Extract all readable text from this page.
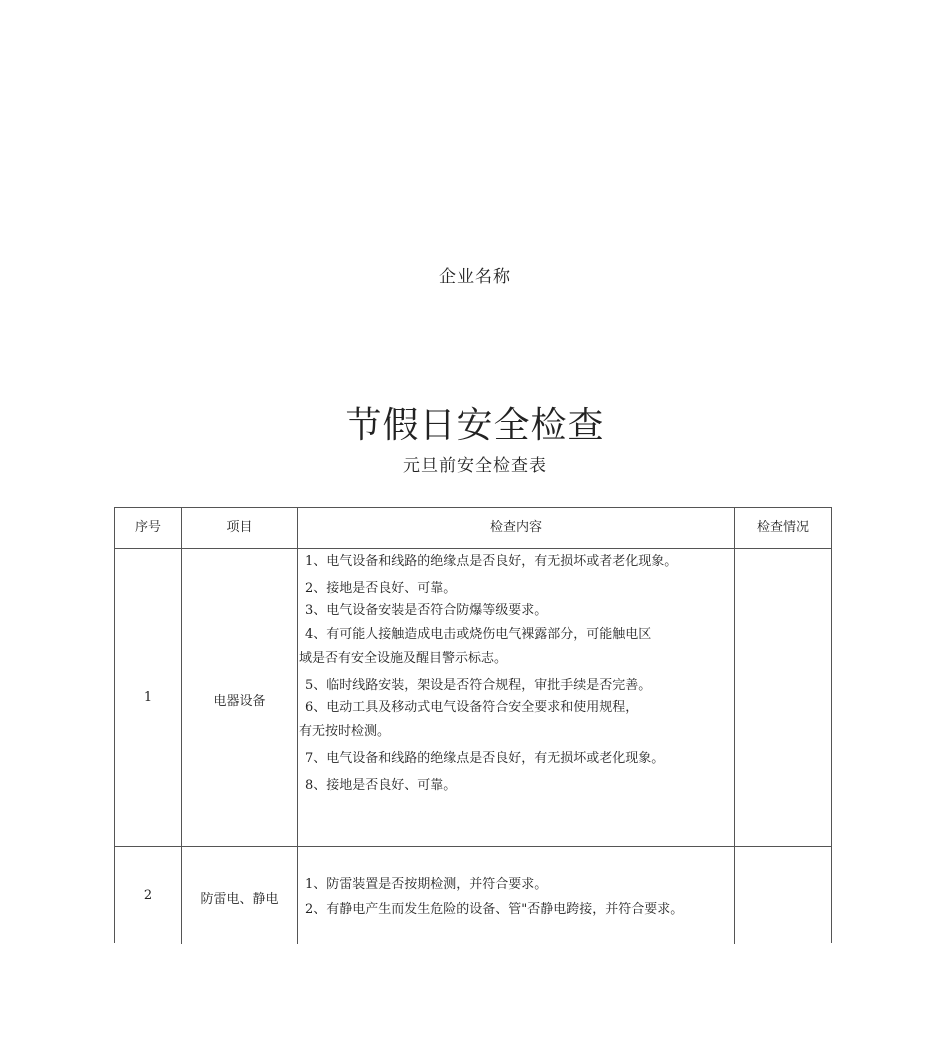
企业名称
节假日安全检查
元旦前安全检查表
序号	项目	检查内容	检查情况
1	电器设备
1、电气设备和线路的绝缘点是否良好，有无损坏或者老化现象。
2、接地是否良好、可靠。
3、电气设备安装是否符合防爆等级要求。
4、有可能人接触造成电击或烧伤电气裸露部分，可能触电区
域是否有安全设施及醒目警示标志。
5、临时线路安装，架设是否符合规程，审批手续是否完善。
6、电动工具及移动式电气设备符合安全要求和使用规程，
有无按时检测。
7、电气设备和线路的绝缘点是否良好，有无损坏或老化现象。
8、接地是否良好、可靠。
2	防雷电、静电
1、防雷装置是否按期检测，并符合要求。
2、有静电产生而发生危险的设备、管"否静电跨接，并符合要求。
